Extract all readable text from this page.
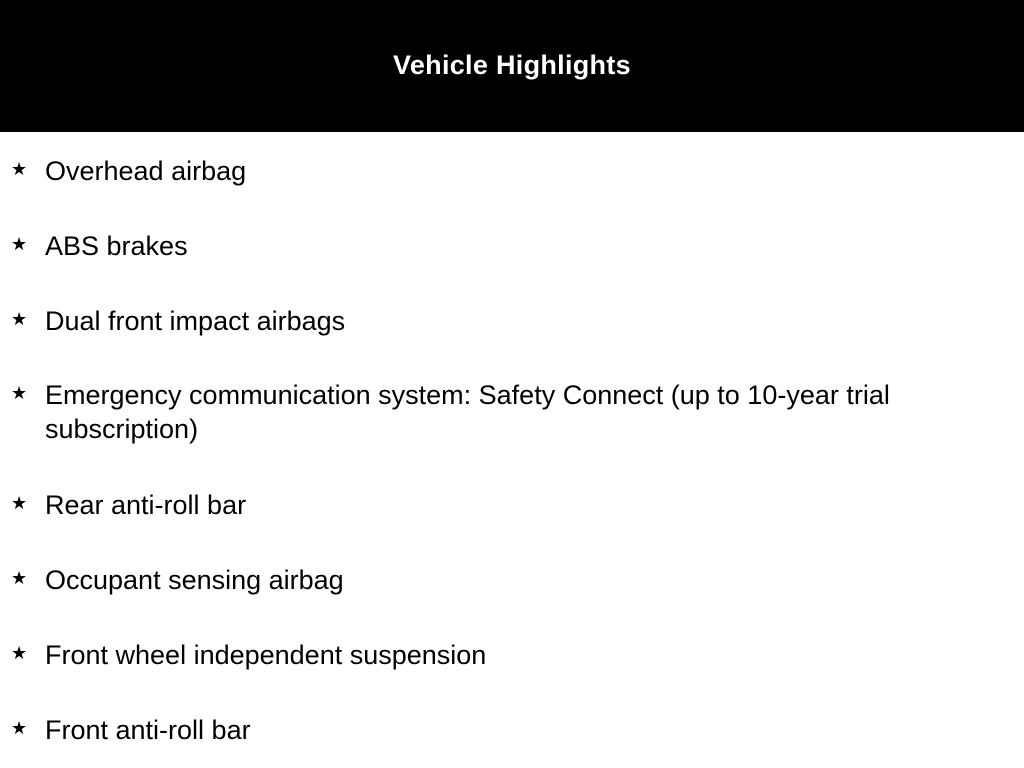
Vehicle Highlights
★ Overhead airbag
★ ABS brakes
★ Dual front impact airbags
★ Emergency communication system: Safety Connect (up to 10-year trial subscription)
★ Rear anti-roll bar
★ Occupant sensing airbag
★ Front wheel independent suspension
★ Front anti-roll bar
